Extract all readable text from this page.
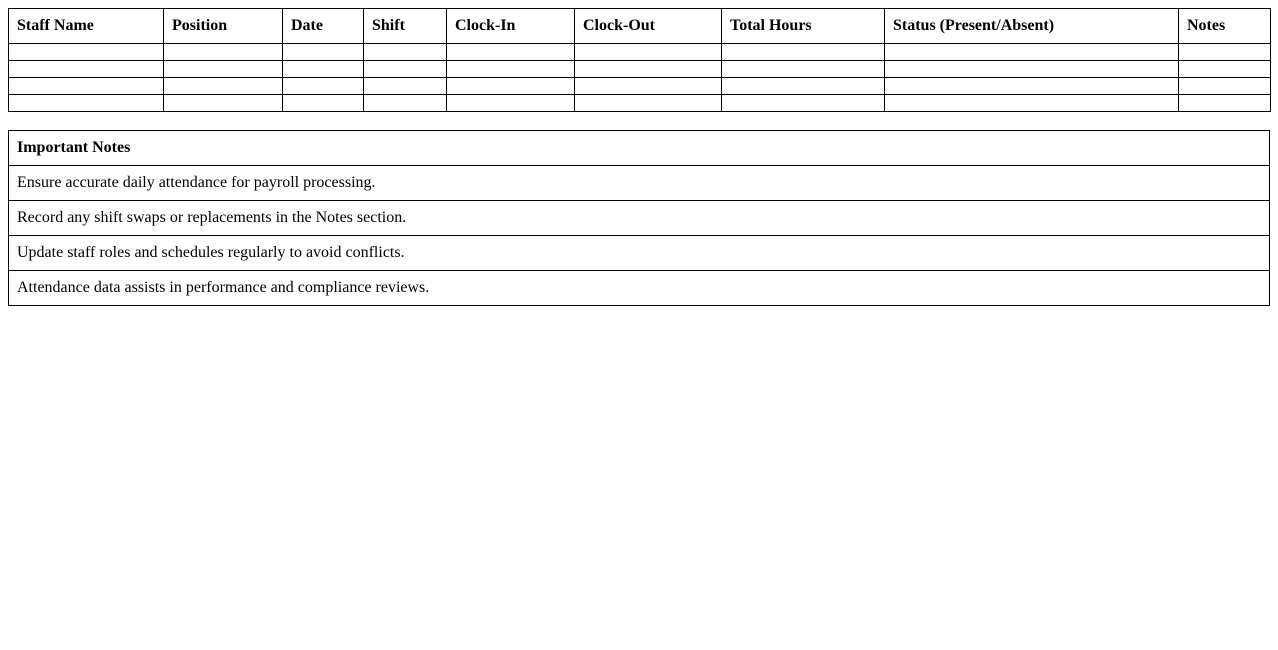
Staff Name	Position	Date	Shift	Clock-In	Clock-Out	Total Hours	Status (Present/Absent)	Notes

Important Notes
Ensure accurate daily attendance for payroll processing.
Record any shift swaps or replacements in the Notes section.
Update staff roles and schedules regularly to avoid conflicts.
Attendance data assists in performance and compliance reviews.
